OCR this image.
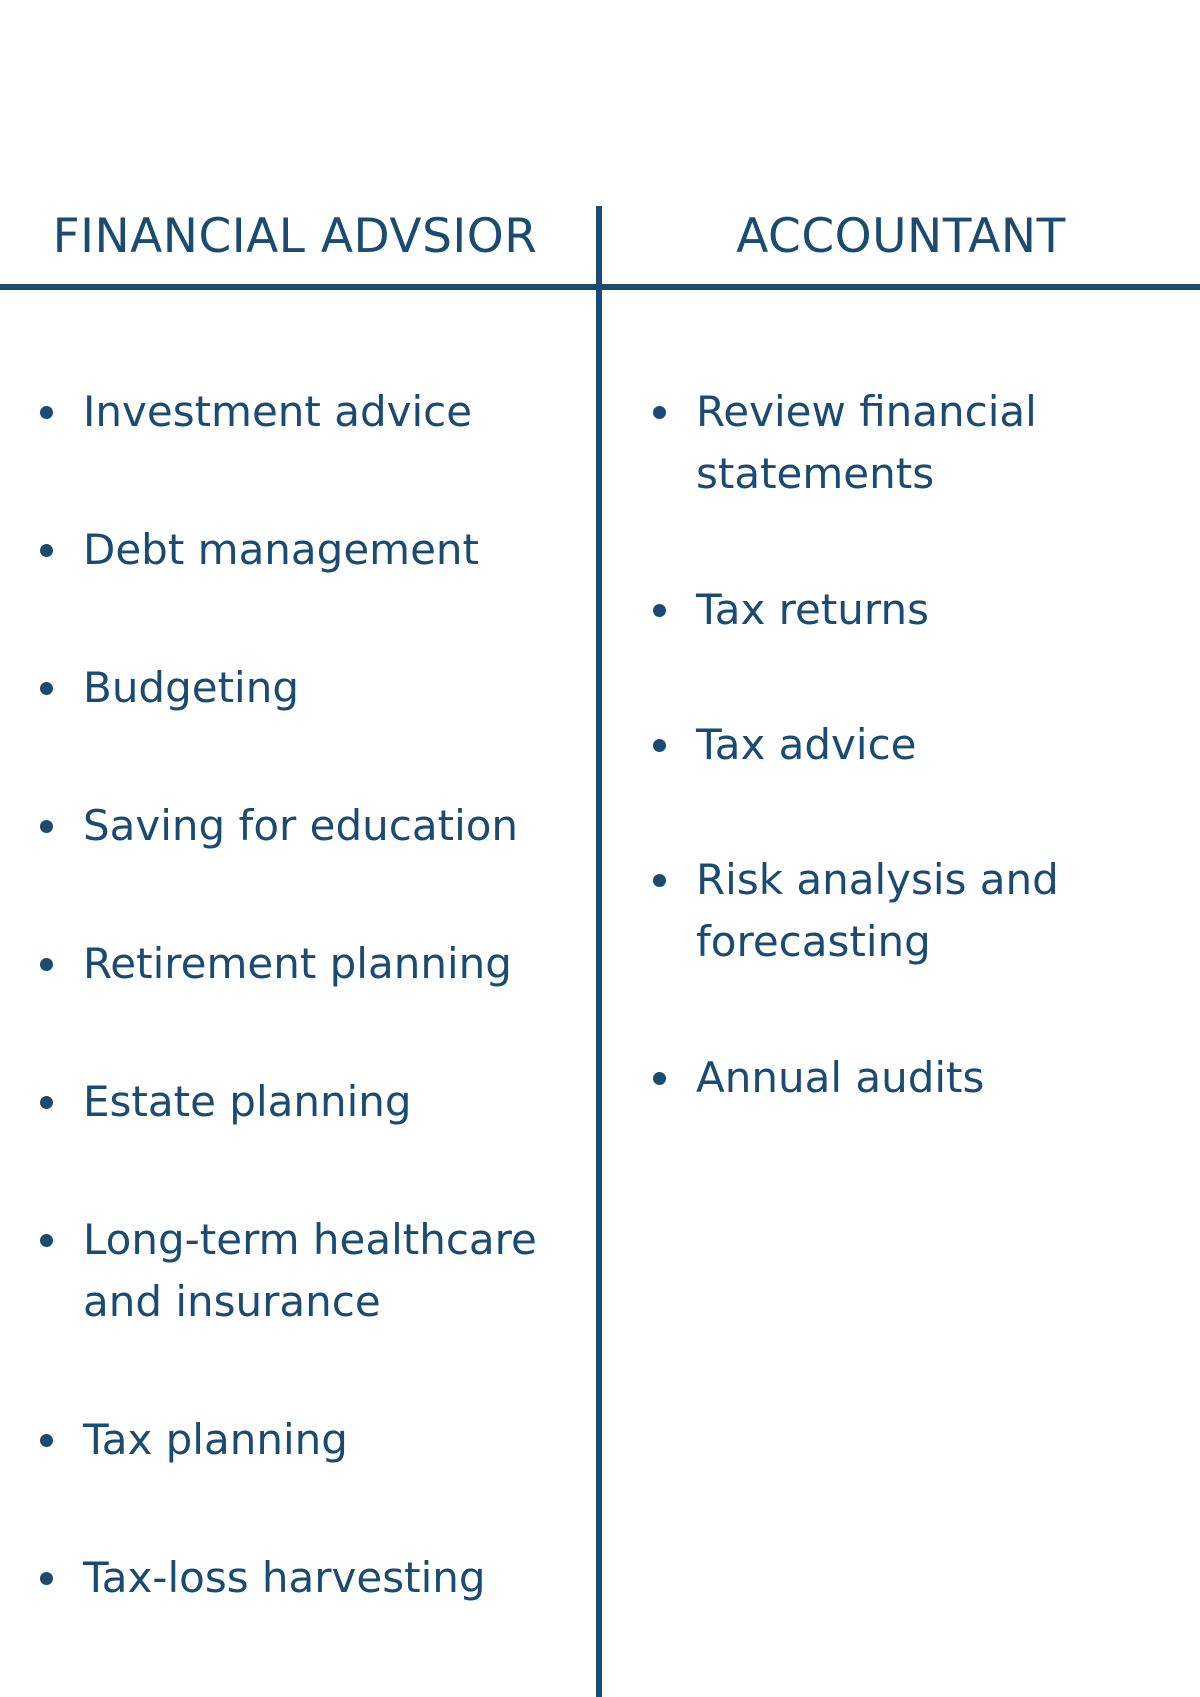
FINANCIAL ADVSIOR	ACCOUNTANT
Investment advice
Debt management
Budgeting
Saving for education
Retirement planning
Estate planning
Long-term healthcare
and insurance
Tax planning
Tax-loss harvesting
Review financial
statements
Tax returns
Tax advice
Risk analysis and
forecasting
Annual audits
